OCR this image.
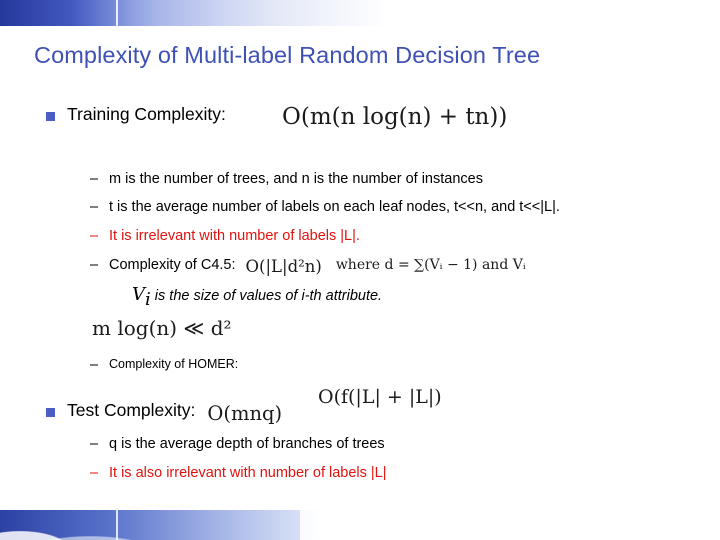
Complexity of Multi-label Random Decision Tree
Training Complexity:
– m is the number of trees, and n is the number of instances
– t is the average number of labels on each leaf nodes, t<<n, and t<<|L|.
– It is irrelevant with number of labels |L|.
– Complexity of C4.5: O(|L|d²n) where d = ∑(Vᵢ − 1) and Vᵢ
Vi is the size of values of i-th attribute.
m log(n) ≪ d²
– Complexity of HOMER:
Test Complexity: O(mnq)
– q is the average depth of branches of trees
– It is also irrelevant with number of labels |L|
O(m(n log(n) + tn))
O(f(|L| + |L|)
